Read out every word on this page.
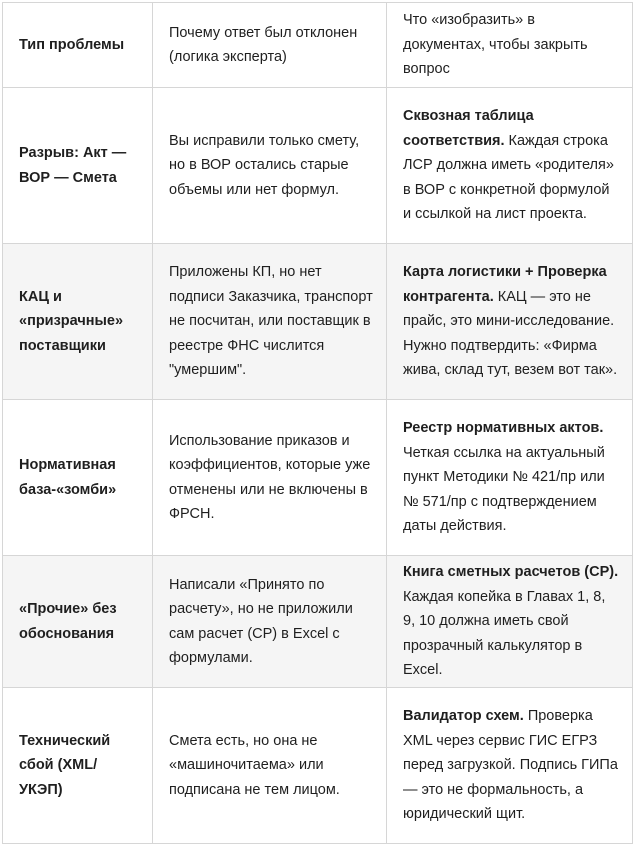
Тип проблемы	Почему ответ был отклонен (логика эксперта)	Что «изобразить» в документах, чтобы закрыть вопрос

Разрыв: Акт — ВОР — Смета	Вы исправили только смету, но в ВОР остались старые объемы или нет формул.	Сквозная таблица соответствия. Каждая строка ЛСР должна иметь «родителя» в ВОР с конкретной формулой и ссылкой на лист проекта.

КАЦ и «призрачные» поставщики	Приложены КП, но нет подписи Заказчика, транспорт не посчитан, или поставщик в реестре ФНС числится "умершим".	Карта логистики + Проверка контрагента. КАЦ — это не прайс, это мини-исследование. Нужно подтвердить: «Фирма жива, склад тут, везем вот так».

Нормативная база-«зомби»	Использование приказов и коэффициентов, которые уже отменены или не включены в ФРСН.	Реестр нормативных актов. Четкая ссылка на актуальный пункт Методики № 421/пр или № 571/пр с подтверждением даты действия.

«Прочие» без обоснования	Написали «Принято по расчету», но не приложили сам расчет (СР) в Excel с формулами.	Книга сметных расчетов (СР). Каждая копейка в Главах 1, 8, 9, 10 должна иметь свой прозрачный калькулятор в Excel.

Технический сбой (XML/ УКЭП)	Смета есть, но она не «машиночитаема» или подписана не тем лицом.	Валидатор схем. Проверка XML через сервис ГИС ЕГРЗ перед загрузкой. Подпись ГИПа — это не формальность, а юридический щит.
